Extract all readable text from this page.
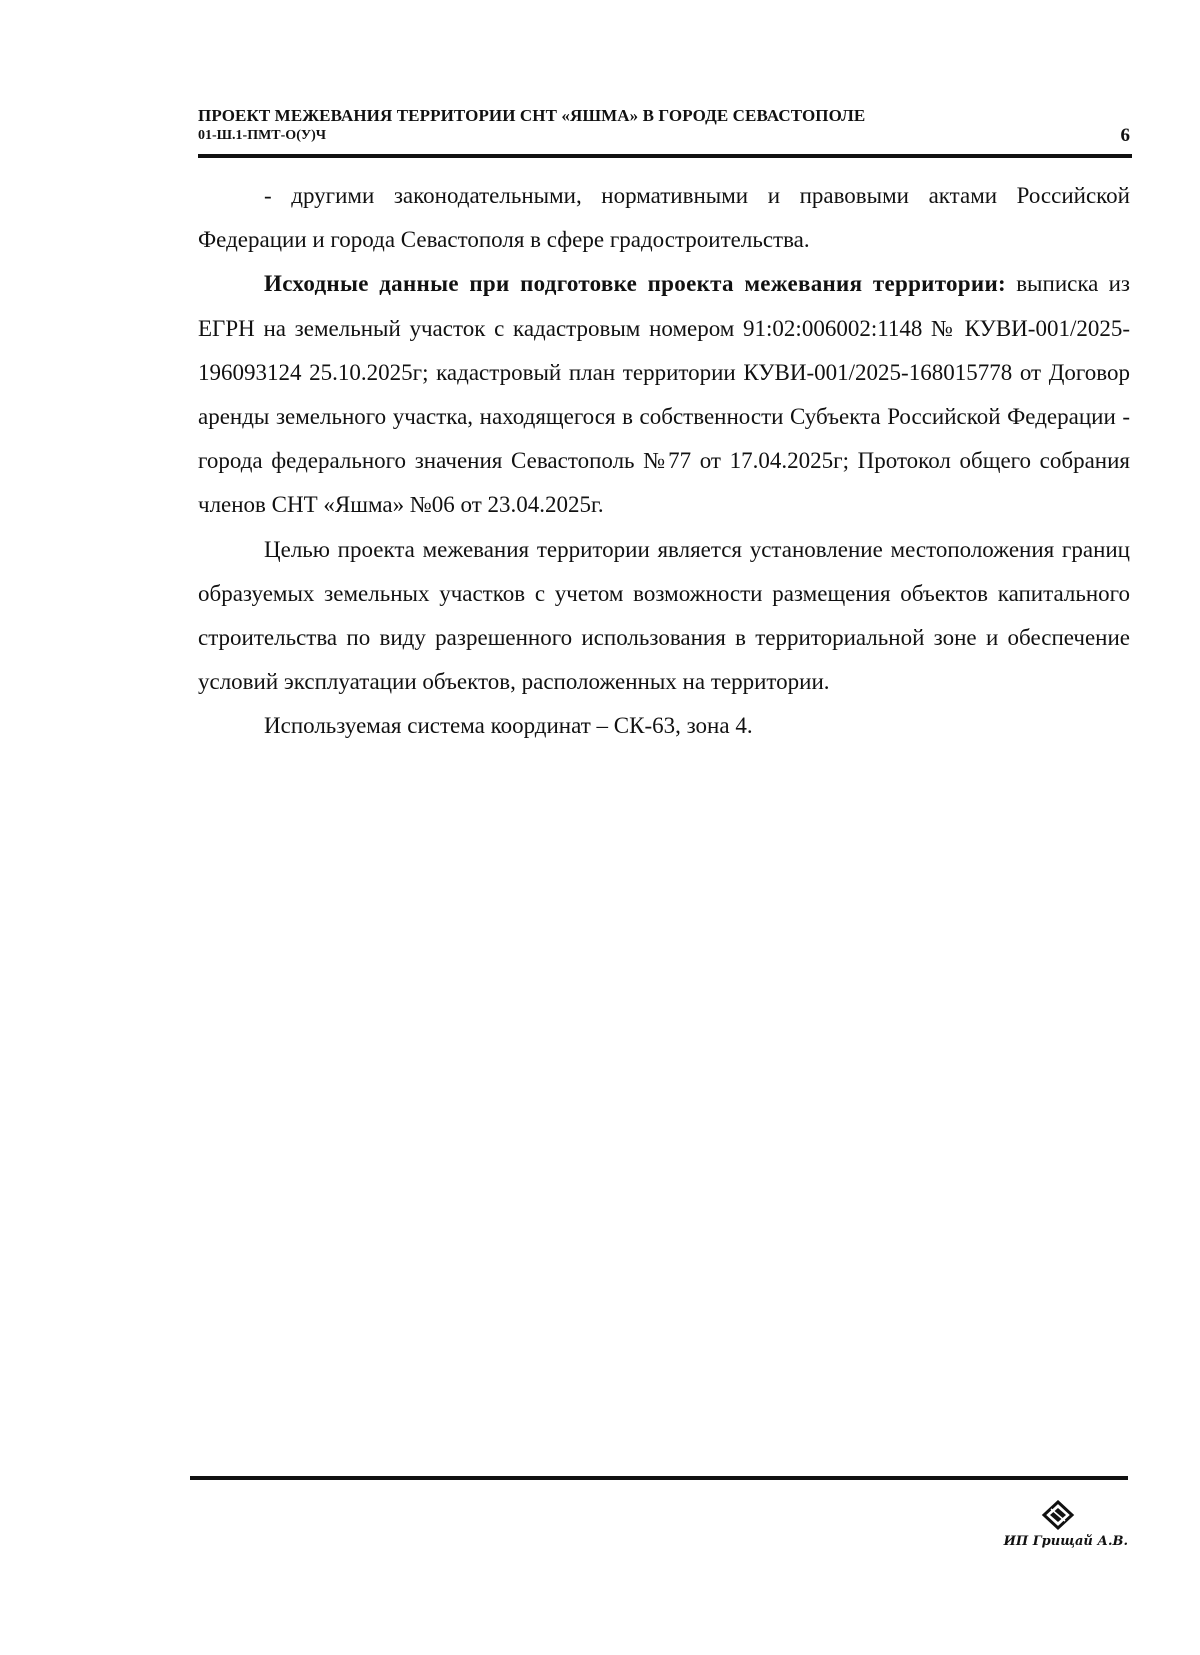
ПРОЕКТ МЕЖЕВАНИЯ ТЕРРИТОРИИ СНТ «ЯШМА» В ГОРОДЕ СЕВАСТОПОЛЕ
01-Ш.1-ПМТ-О(У)Ч	6

- другими законодательными, нормативными и правовыми актами Российской Федерации и города Севастополя в сфере градостроительства.

Исходные данные при подготовке проекта межевания территории: выписка из ЕГРН на земельный участок с кадастровым номером 91:02:006002:1148 № КУВИ-001/2025-196093124 25.10.2025г; кадастровый план территории КУВИ-001/2025-168015778 от Договор аренды земельного участка, находящегося в собственности Субъекта Российской Федерации - города федерального значения Севастополь №77 от 17.04.2025г; Протокол общего собрания членов СНТ «Яшма» №06 от 23.04.2025г.

Целью проекта межевания территории является установление местоположения границ образуемых земельных участков с учетом возможности размещения объектов капитального строительства по виду разрешенного использования в территориальной зоне и обеспечение условий эксплуатации объектов, расположенных на территории.

Используемая система координат – СК-63, зона 4.

ИП Грищай А.В.
